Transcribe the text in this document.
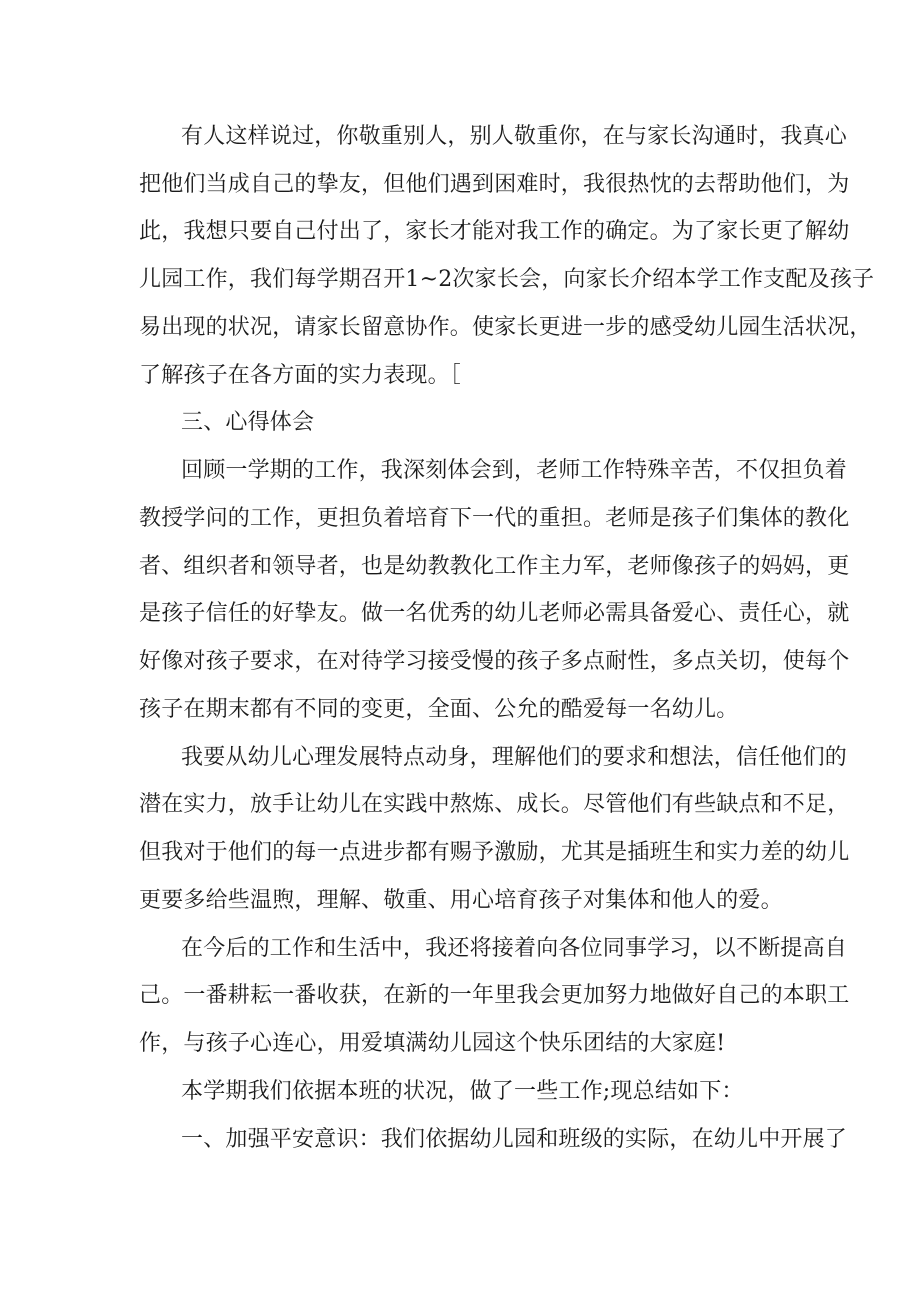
有人这样说过，你敬重别人，别人敬重你，在与家长沟通时，我真心
把他们当成自己的挚友，但他们遇到困难时，我很热忱的去帮助他们，为
此，我想只要自己付出了，家长才能对我工作的确定。为了家长更了解幼
儿园工作，我们每学期召开1~2次家长会，向家长介绍本学工作支配及孩子
易出现的状况，请家长留意协作。使家长更进一步的感受幼儿园生活状况，
了解孩子在各方面的实力表现。［
三、心得体会
回顾一学期的工作，我深刻体会到，老师工作特殊辛苦，不仅担负着
教授学问的工作，更担负着培育下一代的重担。老师是孩子们集体的教化
者、组织者和领导者，也是幼教教化工作主力军，老师像孩子的妈妈，更
是孩子信任的好挚友。做一名优秀的幼儿老师必需具备爱心、责任心，就
好像对孩子要求，在对待学习接受慢的孩子多点耐性，多点关切，使每个
孩子在期末都有不同的变更，全面、公允的酷爱每一名幼儿。
我要从幼儿心理发展特点动身，理解他们的要求和想法，信任他们的
潜在实力，放手让幼儿在实践中熬炼、成长。尽管他们有些缺点和不足，
但我对于他们的每一点进步都有赐予激励，尤其是插班生和实力差的幼儿
更要多给些温煦，理解、敬重、用心培育孩子对集体和他人的爱。
在今后的工作和生活中，我还将接着向各位同事学习，以不断提高自
己。一番耕耘一番收获，在新的一年里我会更加努力地做好自己的本职工
作，与孩子心连心，用爱填满幼儿园这个快乐团结的大家庭!
本学期我们依据本班的状况，做了一些工作;现总结如下：
一、加强平安意识：我们依据幼儿园和班级的实际，在幼儿中开展了
